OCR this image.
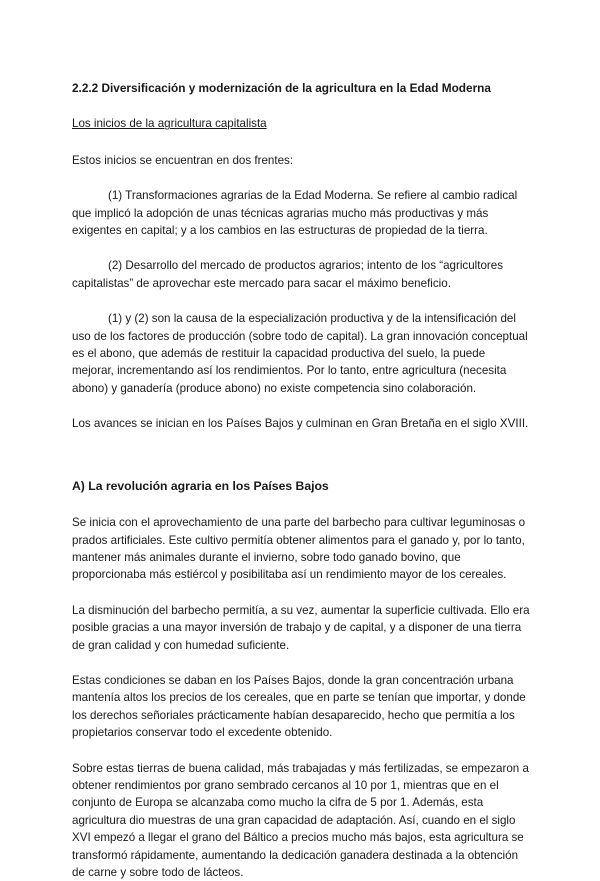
2.2.2 Diversificación y modernización de la agricultura en la Edad Moderna

Los inicios de la agricultura capitalista

Estos inicios se encuentran en dos frentes:

(1) Transformaciones agrarias de la Edad Moderna. Se refiere al cambio radical que implicó la adopción de unas técnicas agrarias mucho más productivas y más exigentes en capital; y a los cambios en las estructuras de propiedad de la tierra.

(2) Desarrollo del mercado de productos agrarios; intento de los “agricultores capitalistas” de aprovechar este mercado para sacar el máximo beneficio.

(1) y (2) son la causa de la especialización productiva y de la intensificación del uso de los factores de producción (sobre todo de capital). La gran innovación conceptual es el abono, que además de restituir la capacidad productiva del suelo, la puede mejorar, incrementando así los rendimientos. Por lo tanto, entre agricultura (necesita abono) y ganadería (produce abono) no existe competencia sino colaboración.

Los avances se inician en los Países Bajos y culminan en Gran Bretaña en el siglo XVIII.

A) La revolución agraria en los Países Bajos

Se inicia con el aprovechamiento de una parte del barbecho para cultivar leguminosas o prados artificiales. Este cultivo permitía obtener alimentos para el ganado y, por lo tanto, mantener más animales durante el invierno, sobre todo ganado bovino, que proporcionaba más estiércol y posibilitaba así un rendimiento mayor de los cereales.

La disminución del barbecho permitía, a su vez, aumentar la superficie cultivada. Ello era posible gracias a una mayor inversión de trabajo y de capital, y a disponer de una tierra de gran calidad y con humedad suficiente.

Estas condiciones se daban en los Países Bajos, donde la gran concentración urbana mantenía altos los precios de los cereales, que en parte se tenían que importar, y donde los derechos señoriales prácticamente habían desaparecido, hecho que permitía a los propietarios conservar todo el excedente obtenido.

Sobre estas tierras de buena calidad, más trabajadas y más fertilizadas, se empezaron a obtener rendimientos por grano sembrado cercanos al 10 por 1, mientras que en el conjunto de Europa se alcanzaba como mucho la cifra de 5 por 1. Además, esta agricultura dio muestras de una gran capacidad de adaptación. Así, cuando en el siglo XVI empezó a llegar el grano del Báltico a precios mucho más bajos, esta agricultura se transformó rápidamente, aumentando la dedicación ganadera destinada a la obtención de carne y sobre todo de lácteos.
